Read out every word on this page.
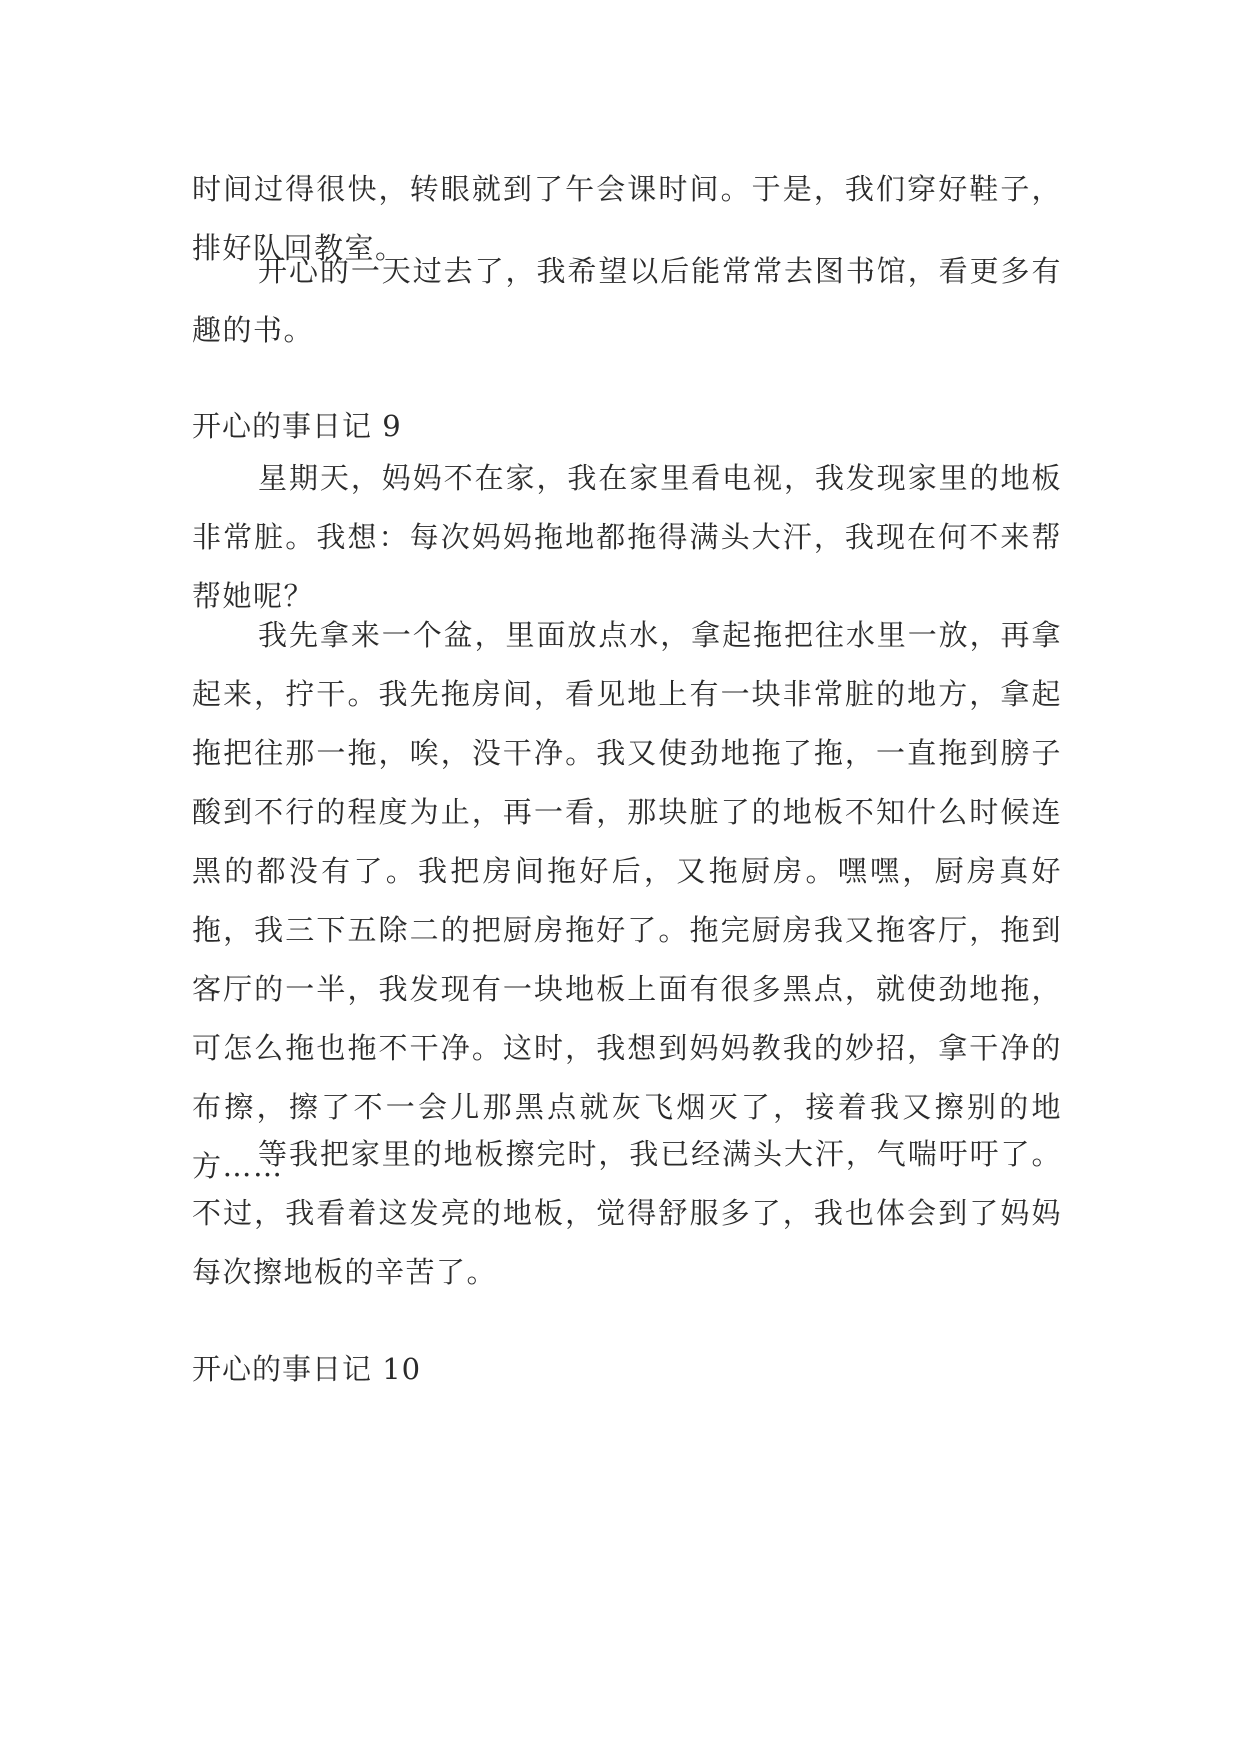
时间过得很快，转眼就到了午会课时间。于是，我们穿好鞋子，排好队回教室。

开心的一天过去了，我希望以后能常常去图书馆，看更多有趣的书。

开心的事日记 9

星期天，妈妈不在家，我在家里看电视，我发现家里的地板非常脏。我想：每次妈妈拖地都拖得满头大汗，我现在何不来帮帮她呢？

我先拿来一个盆，里面放点水，拿起拖把往水里一放，再拿起来，拧干。我先拖房间，看见地上有一块非常脏的地方，拿起拖把往那一拖，唉，没干净。我又使劲地拖了拖，一直拖到膀子酸到不行的程度为止，再一看，那块脏了的地板不知什么时候连黑的都没有了。我把房间拖好后，又拖厨房。嘿嘿，厨房真好拖，我三下五除二的把厨房拖好了。拖完厨房我又拖客厅，拖到客厅的一半，我发现有一块地板上面有很多黑点，就使劲地拖，可怎么拖也拖不干净。这时，我想到妈妈教我的妙招，拿干净的布擦，擦了不一会儿那黑点就灰飞烟灭了，接着我又擦别的地方……

等我把家里的地板擦完时，我已经满头大汗，气喘吁吁了。不过，我看着这发亮的地板，觉得舒服多了，我也体会到了妈妈每次擦地板的辛苦了。

开心的事日记 10
